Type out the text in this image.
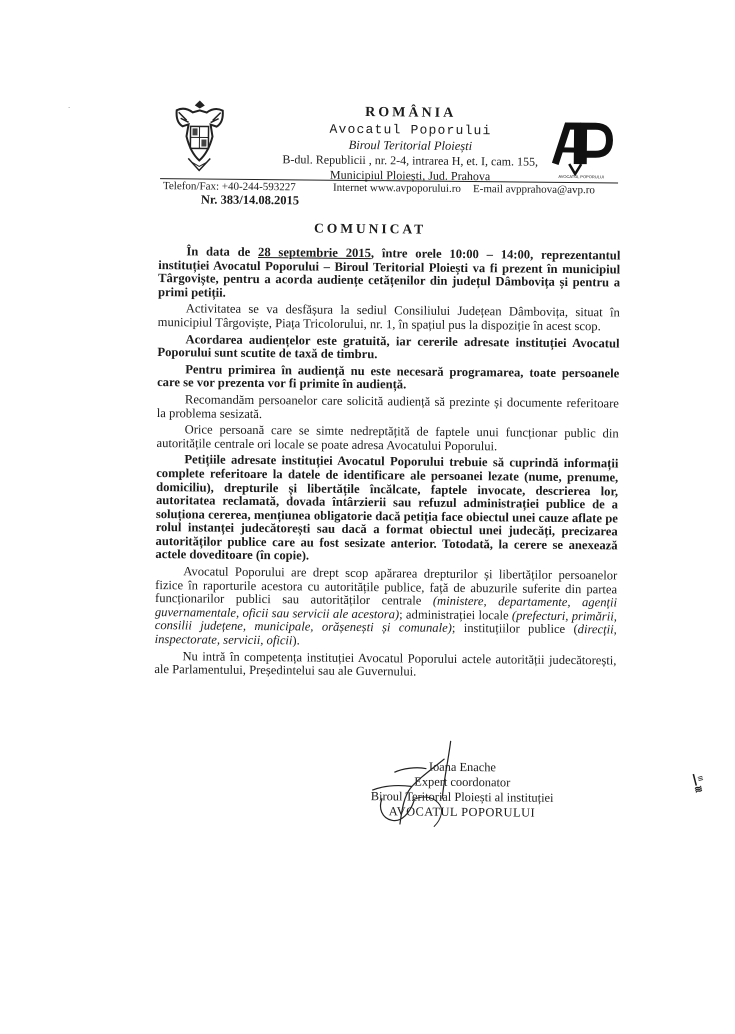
ROMÂNIA
Avocatul Poporului
Biroul Teritorial Ploiești
B-dul. Republicii , nr. 2-4, intrarea H, et. I, cam. 155,
Municipiul Ploiești, Jud. Prahova	AVOCATUL POPORULUI
Telefon/Fax: +40-244-593227	Internet www.avpoporului.ro E-mail avpprahova@avp.ro
Nr. 383/14.08.2015
COMUNICAT

În data de 28 septembrie 2015, între orele 10:00 – 14:00, reprezentantul instituției Avocatul Poporului – Biroul Teritorial Ploiești va fi prezent în municipiul Târgoviște, pentru a acorda audiențe cetățenilor din județul Dâmbovița și pentru a primi petiții.

Activitatea se va desfășura la sediul Consiliului Județean Dâmbovița, situat în municipiul Târgoviște, Piața Tricolorului, nr. 1, în spațiul pus la dispoziție în acest scop.

Acordarea audiențelor este gratuită, iar cererile adresate instituției Avocatul Poporului sunt scutite de taxă de timbru.

Pentru primirea în audiență nu este necesară programarea, toate persoanele care se vor prezenta vor fi primite în audiență.

Recomandăm persoanelor care solicită audiență să prezinte și documente referitoare la problema sesizată.

Orice persoană care se simte nedreptățită de faptele unui funcționar public din autoritățile centrale ori locale se poate adresa Avocatului Poporului.

Petițiile adresate instituției Avocatul Poporului trebuie să cuprindă informații complete referitoare la datele de identificare ale persoanei lezate (nume, prenume, domiciliu), drepturile și libertățile încălcate, faptele invocate, descrierea lor, autoritatea reclamată, dovada întârzierii sau refuzul administrației publice de a soluționa cererea, mențiunea obligatorie dacă petiția face obiectul unei cauze aflate pe rolul instanței judecătorești sau dacă a format obiectul unei judecăți, precizarea autorităților publice care au fost sesizate anterior. Totodată, la cerere se anexează actele doveditoare (în copie).

Avocatul Poporului are drept scop apărarea drepturilor și libertăților persoanelor fizice în raporturile acestora cu autoritățile publice, față de abuzurile suferite din partea funcționarilor publici sau autorităților centrale (ministere, departamente, agenții guvernamentale, oficii sau servicii ale acestora); administrației locale (prefecturi, primării, consilii județene, municipale, orășenești și comunale); instituțiilor publice (direcții, inspectorate, servicii, oficii).

Nu intră în competența instituției Avocatul Poporului actele autorității judecătorești, ale Parlamentului, Președintelui sau ale Guvernului.

Ioana Enache
Expert coordonator
Biroul Teritorial Ploiești al instituției
AVOCATUL POPORULUI
┃≡
≋
·
